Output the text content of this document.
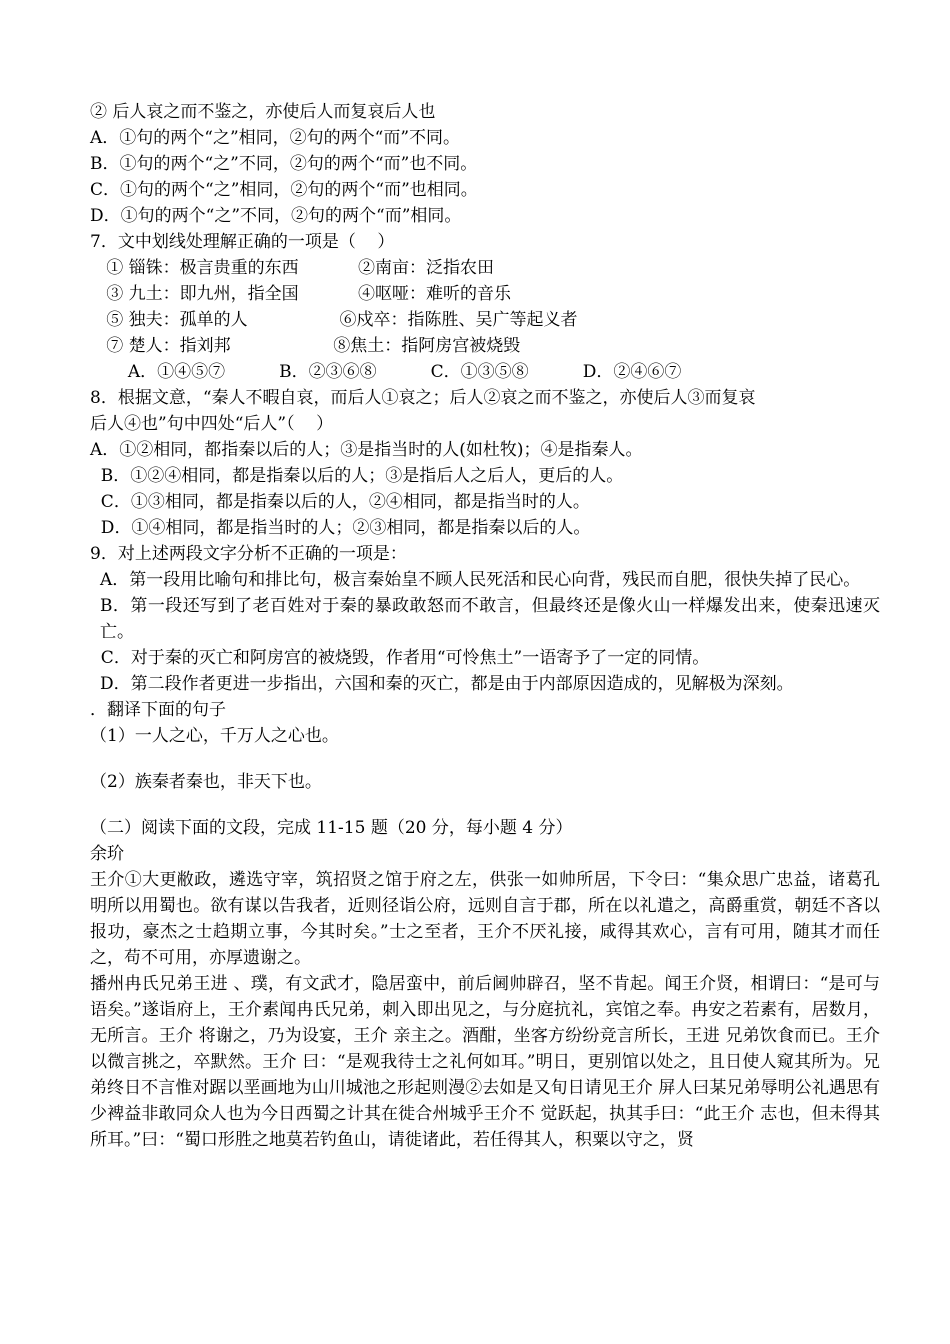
② 后人哀之而不鉴之，亦使后人而复哀后人也
A．①句的两个“之”相同，②句的两个“而”不同。
B．①句的两个“之”不同，②句的两个“而”也不同。
C．①句的两个“之”相同，②句的两个“而”也相同。
D．①句的两个“之”不同，②句的两个“而”相同。
7．文中划线处理解正确的一项是（    ）
① 锱铢：极言贵重的东西           ②南亩：泛指农田
③ 九土：即九州，指全国           ④呕哑：难听的音乐
⑤ 独夫：孤单的人                 ⑥戍卒：指陈胜、吴广等起义者
⑦ 楚人：指刘邦                   ⑧焦土：指阿房宫被烧毁
A．①④⑤⑦          B．②③⑥⑧          C．①③⑤⑧          D．②④⑥⑦
8．根据文意，“秦人不暇自哀，而后人①哀之；后人②哀之而不鉴之，亦使后人③而复哀
后人④也”句中四处“后人”（    ）
A．①②相同，都指秦以后的人；③是指当时的人(如杜牧)；④是指秦人。
B．①②④相同，都是指秦以后的人；③是指后人之后人，更后的人。
C．①③相同，都是指秦以后的人，②④相同，都是指当时的人。
D．①④相同，都是指当时的人；②③相同，都是指秦以后的人。
9．对上述两段文字分析不正确的一项是：
A．第一段用比喻句和排比句，极言秦始皇不顾人民死活和民心向背，残民而自肥，很快失掉了民心。
B．第一段还写到了老百姓对于秦的暴政敢怒而不敢言，但最终还是像火山一样爆发出来，使秦迅速灭亡。
C．对于秦的灭亡和阿房宫的被烧毁，作者用“可怜焦土”一语寄予了一定的同情。
D．第二段作者更进一步指出，六国和秦的灭亡，都是由于内部原因造成的，见解极为深刻。
．翻译下面的句子
（1）一人之心，千万人之心也。
（2）族秦者秦也，非天下也。
（二）阅读下面的文段，完成 11-15 题（20 分，每小题 4 分）
余玠
王介①大更敝政，遴选守宰，筑招贤之馆于府之左，供张一如帅所居，下令曰：“集众思广忠益，诸葛孔明所以用蜀也。欲有谋以告我者，近则径诣公府，远则自言于郡，所在以礼遣之，高爵重赏，朝廷不吝以报功，豪杰之士趋期立事，今其时矣。”士之至者，王介不厌礼接，咸得其欢心，言有可用，随其才而任之，苟不可用，亦厚遗谢之。
播州冉氏兄弟王进 、璞，有文武才，隐居蛮中，前后阃帅辟召，坚不肯起。闻王介贤，相谓曰：“是可与语矣。”遂诣府上，王介素闻冉氏兄弟，刺入即出见之，与分庭抗礼，宾馆之奉。冉安之若素有，居数月，无所言。王介 将谢之，乃为设宴，王介 亲主之。酒酣，坐客方纷纷竞言所长，王进 兄弟饮食而已。王介 以微言挑之，卒默然。王介 曰：“是观我待士之礼何如耳。”明日，更别馆以处之，且日使人窥其所为。兄弟终日不言惟对踞以垩画地为山川城池之形起则漫②去如是又旬日请见王介 屏人曰某兄弟辱明公礼遇思有少裨益非敢同众人也为今日西蜀之计其在徙合州城乎王介不 觉跃起，执其手曰：“此王介 志也，但未得其所耳。”曰：“蜀口形胜之地莫若钓鱼山，请徙诸此，若任得其人，积粟以守之，贤
